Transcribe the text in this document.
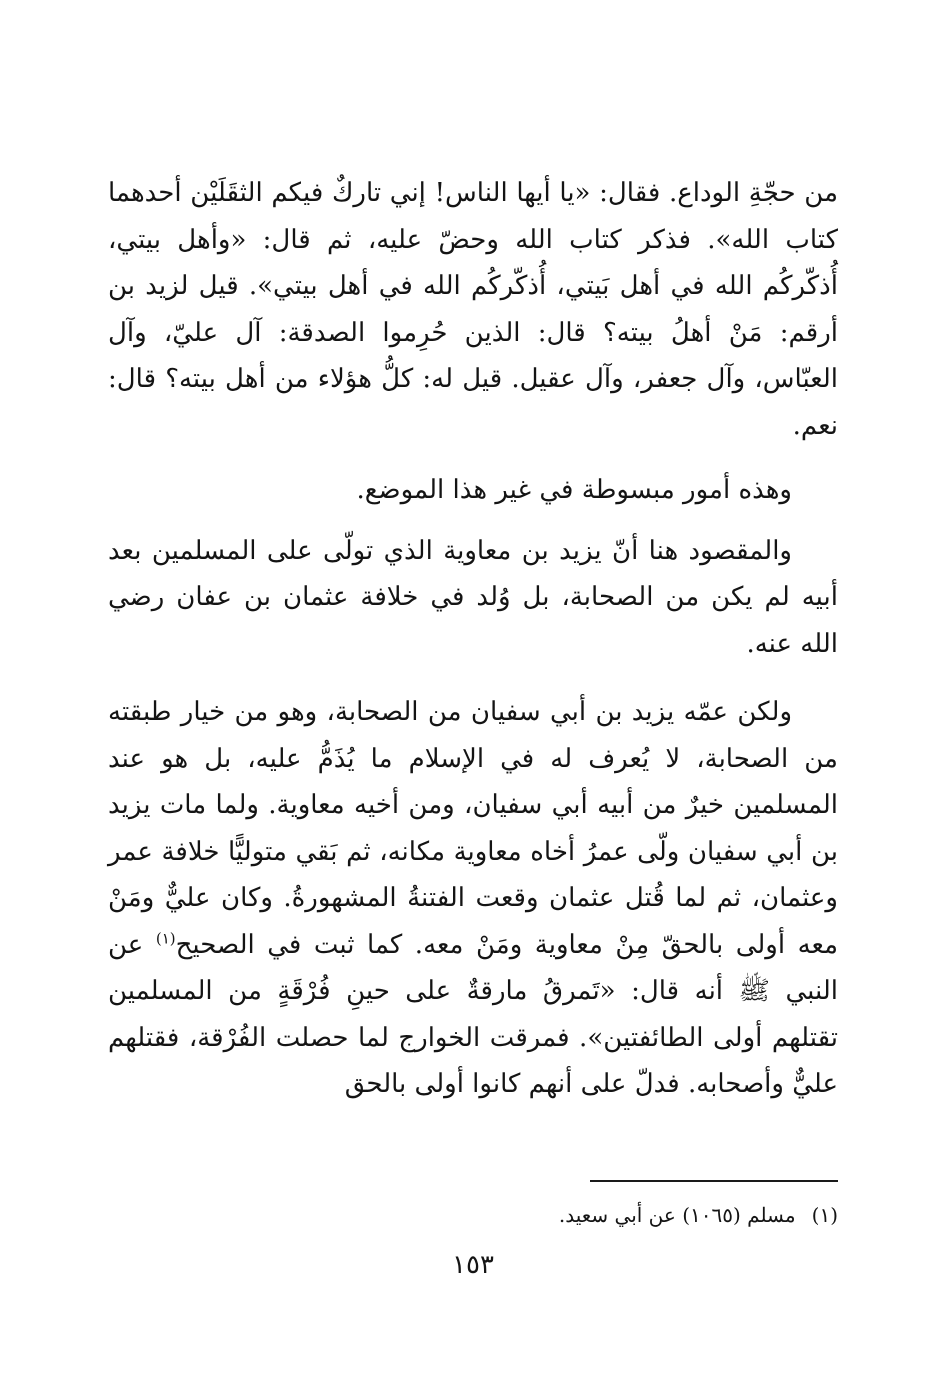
من حجّةِ الوداع. فقال: «يا أيها الناس! إني تاركٌ فيكم الثقَلَيْن أحدهما كتاب الله». فذكر كتاب الله وحضّ عليه، ثم قال: «وأهل بيتي، أُذكّركُم الله في أهل بَيتي، أُذكّركُم الله في أهل بيتي». قيل لزيد بن أرقم: مَنْ أهلُ بيته؟ قال: الذين حُرِموا الصدقة: آل عليّ، وآل العبّاس، وآل جعفر، وآل عقيل. قيل له: كلُّ هؤلاء من أهل بيته؟ قال: نعم.

وهذه أمور مبسوطة في غير هذا الموضع.

والمقصود هنا أنّ يزيد بن معاوية الذي تولّى على المسلمين بعد أبيه لم يكن من الصحابة، بل وُلد في خلافة عثمان بن عفان رضي الله عنه.

ولكن عمّه يزيد بن أبي سفيان من الصحابة، وهو من خيار طبقته من الصحابة، لا يُعرف له في الإسلام ما يُذَمُّ عليه، بل هو عند المسلمين خيرٌ من أبيه أبي سفيان، ومن أخيه معاوية. ولما مات يزيد بن أبي سفيان ولّى عمرُ أخاه معاوية مكانه، ثم بَقي متوليًّا خلافة عمر وعثمان، ثم لما قُتل عثمان وقعت الفتنةُ المشهورةُ. وكان عليٌّ ومَنْ معه أولى بالحقّ مِنْ معاوية ومَنْ معه. كما ثبت في الصحيح$^{(١)}$ عن النبي ﷺ أنه قال: «تَمرقُ مارقةٌ على حينِ فُرْقَةٍ من المسلمين تقتلهم أولى الطائفتين». فمرقت الخوارج لما حصلت الفُرْقة، فقتلهم عليٌّ وأصحابه. فدلّ على أنهم كانوا أولى بالحق

(١)مسلم (١٠٦٥) عن أبي سعيد.
١٥٣
